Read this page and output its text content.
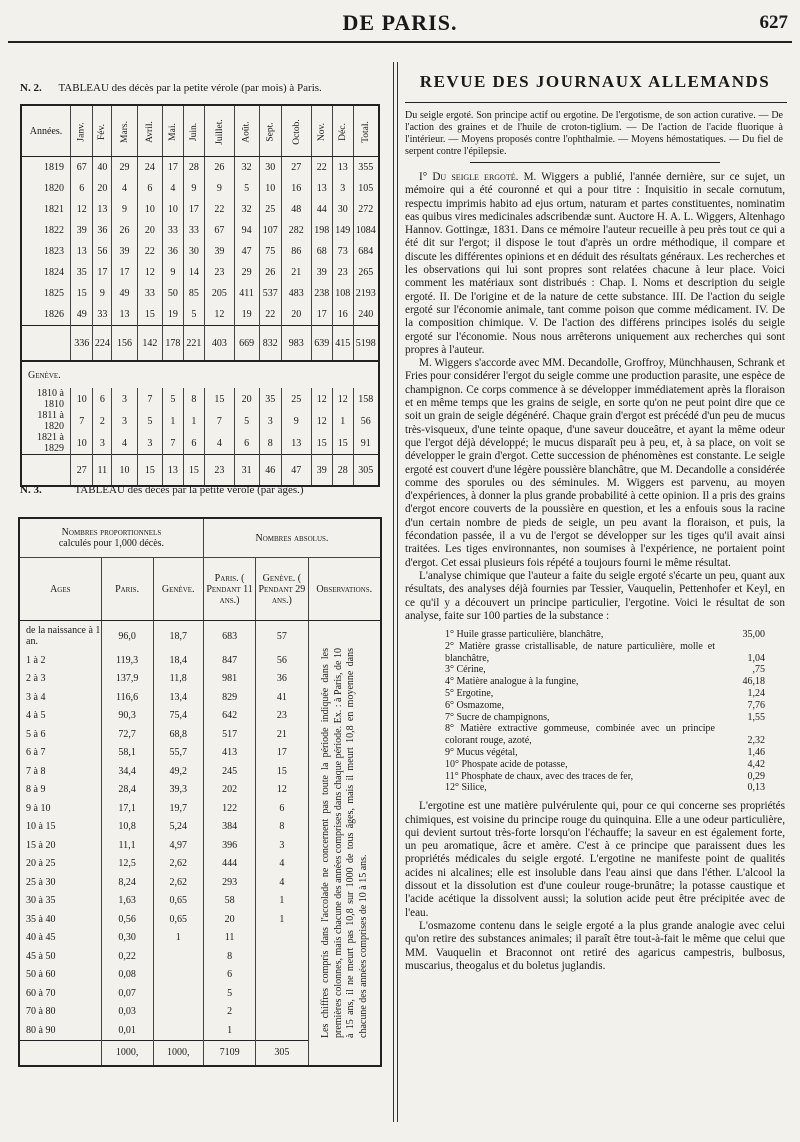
DE PARIS.	627
N. 2. TABLEAU des décès par la petite vérole (par mois) à Paris.
Années.	Janv.	Fév.	Mars.	Avril.	Mai.	Juin.	Juillet.	Août.	Sept.	Octob.	Nov.	Déc.	Total.
1819	67	40	29	24	17	28	26	32	30	27	22	13	355
1820	6	20	4	6	4	9	9	5	10	16	13	3	105
1821	12	13	9	10	10	17	22	32	25	48	44	30	272
1822	39	36	26	20	33	33	67	94	107	282	198	149	1084
1823	13	56	39	22	36	30	39	47	75	86	68	73	684
1824	35	17	17	12	9	14	23	29	26	21	39	23	265
1825	15	9	49	33	50	85	205	411	537	483	238	108	2193
1826	49	33	13	15	19	5	12	19	22	20	17	16	240
	336	224	156	142	178	221	403	669	832	983	639	415	5198
Genève.													
1810 à 1810	10	6	3	7	5	8	15	20	35	25	12	12	158
1811 à 1820	7	2	3	5	1	1	7	5	3	9	12	1	56
1821 à 1829	10	3	4	3	7	6	4	6	8	13	15	15	91
	27	11	10	15	13	15	23	31	46	47	39	28	305
N. 3.	TABLEAU des décès par la petite vérole (par âges.)
Nombres proportionnels
calculés pour 1,000 décès.			Nombres absolus.		
Ages	Paris.	Genève.	Paris. ( Pendant 11 ans.)	Genève. ( Pendant 29 ans.)	Observations.
de la naissance à 1 an.	96,0	18,7	683	57	Les chiffres compris dans l'accolade ne concernent pas toute la période indiquée dans les premières colonnes, mais chacune des années comprises dans chaque période. Ex. : à Paris, de 10 à 15 ans, il ne meurt pas 10,8 sur 1000 de tous âges, mais il meurt 10,8 en moyenne dans chacune des années comprises de 10 à 15 ans.

1 à 2	119,3	18,4	847	56	
2 à 3	137,9	11,8	981	36	
3 à 4	116,6	13,4	829	41	
4 à 5	90,3	75,4	642	23	
5 à 6	72,7	68,8	517	21	
6 à 7	58,1	55,7	413	17	
7 à 8	34,4	49,2	245	15	
8 à 9	28,4	39,3	202	12	
9 à 10	17,1	19,7	122	6	
10 à 15	10,8	5,24	384	8	
15 à 20	11,1	4,97	396	3	
20 à 25	12,5	2,62	444	4	
25 à 30	8,24	2,62	293	4	
30 à 35	1,63	0,65	58	1	
35 à 40	0,56	0,65	20	1	
40 à 45	0,30	1	11		
45 à 50	0,22		8		
50 à 60	0,08		6		
60 à 70	0,07		5		
70 à 80	0,03		2		
80 à 90	0,01		1		
	1000,	1000,	7109	305	
REVUE DES JOURNAUX ALLEMANDS
Du seigle ergoté. Son principe actif ou ergotine. De l'ergotisme, de son action curative. — De l'action des graines et de l'huile de croton-tiglium. — De l'action de l'acide fluorique à l'intérieur. — Moyens proposés contre l'ophthalmie. — Moyens hémostatiques. — Du fiel de serpent contre l'épilepsie.

I° Du seigle ergoté. M. Wiggers a publié, l'année dernière, sur ce sujet, un mémoire qui a été couronné et qui a pour titre : Inquisitio in secale cornutum, respectu imprimis habito ad ejus ortum, naturam et partes constituentes, nominatim eas quibus vires medicinales adscribendæ sunt. Auctore H. A. L. Wiggers, Altenhago Hannov. Gottingæ, 1831. Dans ce mémoire l'auteur recueille à peu près tout ce qui a été dit sur l'ergot; il dispose le tout d'après un ordre méthodique, il compare et discute les différentes opinions et en déduit des résultats généraux. Les recherches et les observations qui lui sont propres sont relatées chacune à leur place. Voici comment les matériaux sont distribués : Chap. I. Noms et description du seigle ergoté. II. De l'origine et de la nature de cette substance. III. De l'action du seigle ergoté sur l'économie animale, tant comme poison que comme médicament. IV. De la composition chimique. V. De l'action des différens principes isolés du seigle ergoté sur l'économie. Nous nous arrêterons uniquement aux recherches qui sont propres à l'auteur.

M. Wiggers s'accorde avec MM. Decandolle, Groffroy, Münchhausen, Schrank et Fries pour considérer l'ergot du seigle comme une production parasite, une espèce de champignon. Ce corps commence à se développer immédiatement après la floraison et en même temps que les grains de seigle, en sorte qu'on ne peut point dire que ce soit un grain de seigle dégénéré. Chaque grain d'ergot est précédé d'un peu de mucus très-visqueux, d'une teinte opaque, d'une saveur douceâtre, et ayant la même odeur que l'ergot déjà développé; le mucus disparaît peu à peu, et, à sa place, on voit se développer le grain d'ergot. Cette succession de phénomènes est constante. Le seigle ergoté est couvert d'une légère poussière blanchâtre, que M. Decandolle a considérée comme des sporules ou des séminules. M. Wiggers est parvenu, au moyen d'expériences, à donner la plus grande probabilité à cette opinion. Il a pris des grains d'ergot encore couverts de la poussière en question, et les a enfouis sous la racine d'un certain nombre de pieds de seigle, un peu avant la floraison, et puis, la fécondation passée, il a vu de l'ergot se développer sur les tiges qu'il avait ainsi traitées. Les tiges environnantes, non soumises à l'expérience, ne portaient point d'ergot. Cet essai plusieurs fois répété a toujours fourni le même résultat.

L'analyse chimique que l'auteur a faite du seigle ergoté s'écarte un peu, quant aux résultats, des analyses déjà fournies par Tessier, Vauquelin, Pettenhofer et Keyl, en ce qu'il y a découvert un principe particulier, l'ergotine. Voici le résultat de son analyse, faite sur 100 parties de la substance :

1° Huile grasse particulière, blanchâtre,	35,00
2° Matière grasse cristallisable, de nature particulière, molle et blanchâtre,	1,04
3° Cérine,	,75
4° Matière analogue à la fungine,	46,18
5° Ergotine,	1,24
6° Osmazome,	7,76
7° Sucre de champignons,	1,55
8° Matière extractive gommeuse, combinée avec un principe colorant rouge, azoté,	2,32
9° Mucus végétal,	1,46
10° Phospate acide de potasse,	4,42
11° Phosphate de chaux, avec des traces de fer,	0,29
12° Silice,	0,13

L'ergotine est une matière pulvérulente qui, pour ce qui concerne ses propriétés chimiques, est voisine du principe rouge du quinquina. Elle a une odeur particulière, qui devient surtout très-forte lorsqu'on l'échauffe; la saveur en est également forte, un peu aromatique, âcre et amère. C'est à ce principe que paraissent dues les propriétés médicales du seigle ergoté. L'ergotine ne manifeste point de qualités acides ni alcalines; elle est insoluble dans l'eau ainsi que dans l'éther. L'alcool la dissout et la dissolution est d'une couleur rouge-brunâtre; la potasse caustique et l'acide acétique la dissolvent aussi; la solution acide peut être précipitée avec de l'eau.

L'osmazome contenu dans le seigle ergoté a la plus grande analogie avec celui qu'on retire des substances animales; il paraît être tout-à-fait le même que celui que MM. Vauquelin et Braconnot ont retiré des agaricus campestris, bulbosus, muscarius, theogalus et du boletus juglandis.
